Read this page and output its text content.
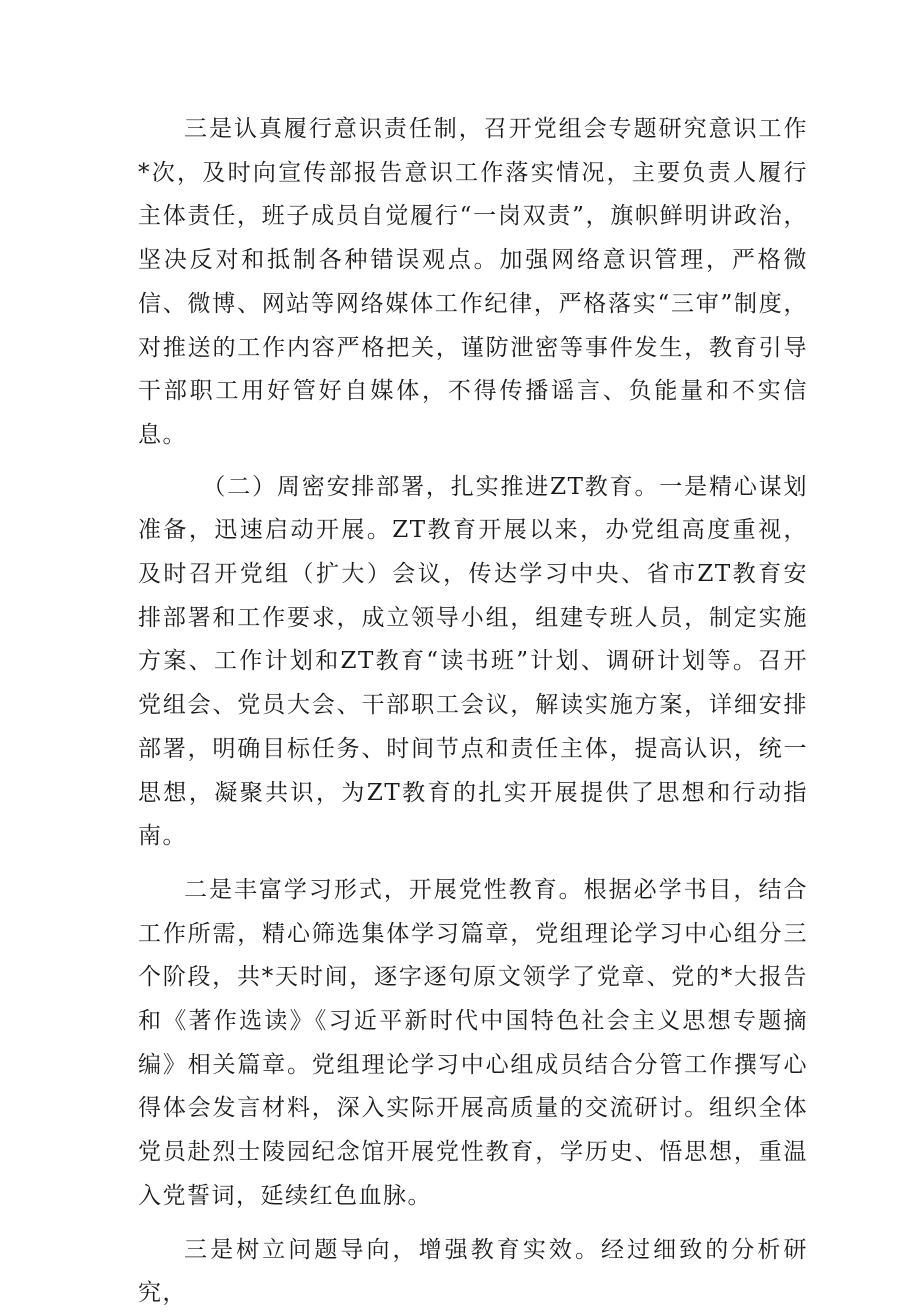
三是认真履行意识责任制，召开党组会专题研究意识工作*次，及时向宣传部报告意识工作落实情况，主要负责人履行主体责任，班子成员自觉履行“一岗双责”，旗帜鲜明讲政治，坚决反对和抵制各种错误观点。加强网络意识管理，严格微信、微博、网站等网络媒体工作纪律，严格落实“三审”制度，对推送的工作内容严格把关，谨防泄密等事件发生，教育引导干部职工用好管好自媒体，不得传播谣言、负能量和不实信息。

（二）周密安排部署，扎实推进ZT教育。一是精心谋划准备，迅速启动开展。ZT教育开展以来，办党组高度重视，及时召开党组（扩大）会议，传达学习中央、省市ZT教育安排部署和工作要求，成立领导小组，组建专班人员，制定实施方案、工作计划和ZT教育“读书班”计划、调研计划等。召开党组会、党员大会、干部职工会议，解读实施方案，详细安排部署，明确目标任务、时间节点和责任主体，提高认识，统一思想，凝聚共识，为ZT教育的扎实开展提供了思想和行动指南。

二是丰富学习形式，开展党性教育。根据必学书目，结合工作所需，精心筛选集体学习篇章，党组理论学习中心组分三个阶段，共*天时间，逐字逐句原文领学了党章、党的*大报告和《著作选读》《习近平新时代中国特色社会主义思想专题摘编》相关篇章。党组理论学习中心组成员结合分管工作撰写心得体会发言材料，深入实际开展高质量的交流研讨。组织全体党员赴烈士陵园纪念馆开展党性教育，学历史、悟思想，重温入党誓词，延续红色血脉。

三是树立问题导向，增强教育实效。经过细致的分析研究，
